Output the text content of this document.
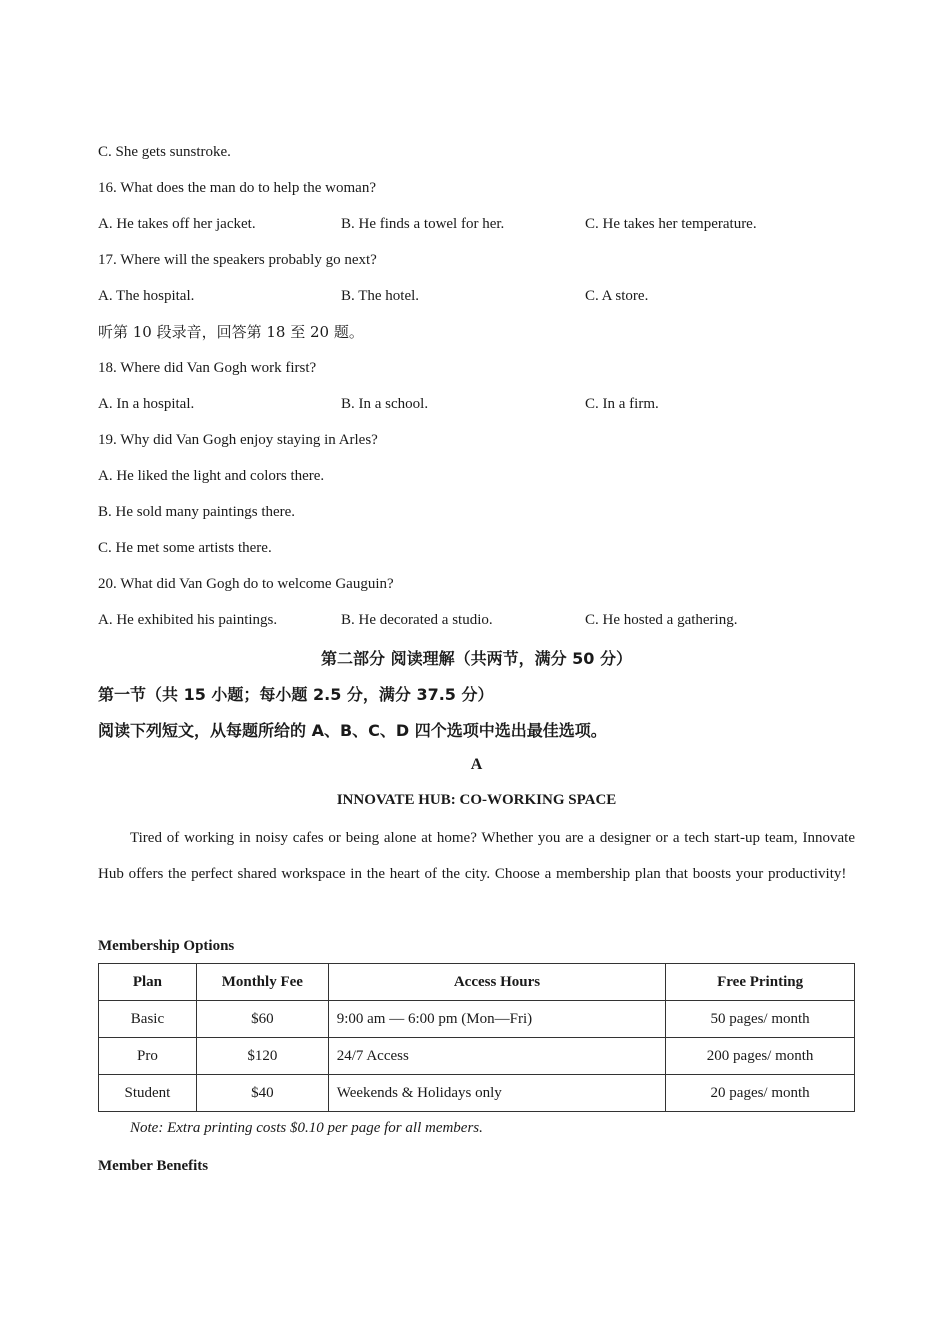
C. She gets sunstroke.
16. What does the man do to help the woman?
A. He takes off her jacket.	B. He finds a towel for her.	C. He takes her temperature.
17. Where will the speakers probably go next?
A. The hospital.	B. The hotel.	C. A store.
听第 10 段录音，回答第 18 至 20 题。
18. Where did Van Gogh work first?
A. In a hospital.	B. In a school.	C. In a firm.
19. Why did Van Gogh enjoy staying in Arles?
A. He liked the light and colors there.
B. He sold many paintings there.
C. He met some artists there.
20. What did Van Gogh do to welcome Gauguin?
A. He exhibited his paintings.	B. He decorated a studio.	C. He hosted a gathering.
第二部分 阅读理解（共两节，满分 50 分）
第一节（共 15 小题；每小题 2.5 分，满分 37.5 分）
阅读下列短文，从每题所给的 A、B、C、D 四个选项中选出最佳选项。
A
INNOVATE HUB: CO-WORKING SPACE
Tired of working in noisy cafes or being alone at home? Whether you are a designer or a tech start-up team, Innovate Hub offers the perfect shared workspace in the heart of the city. Choose a membership plan that boosts your productivity!
Membership Options
Plan	Monthly Fee	Access Hours	Free Printing
Basic	$60	9:00 am — 6:00 pm (Mon—Fri)	50 pages/ month
Pro	$120	24/7 Access	200 pages/ month
Student	$40	Weekends & Holidays only	20 pages/ month
Note: Extra printing costs $0.10 per page for all members.
Member Benefits
